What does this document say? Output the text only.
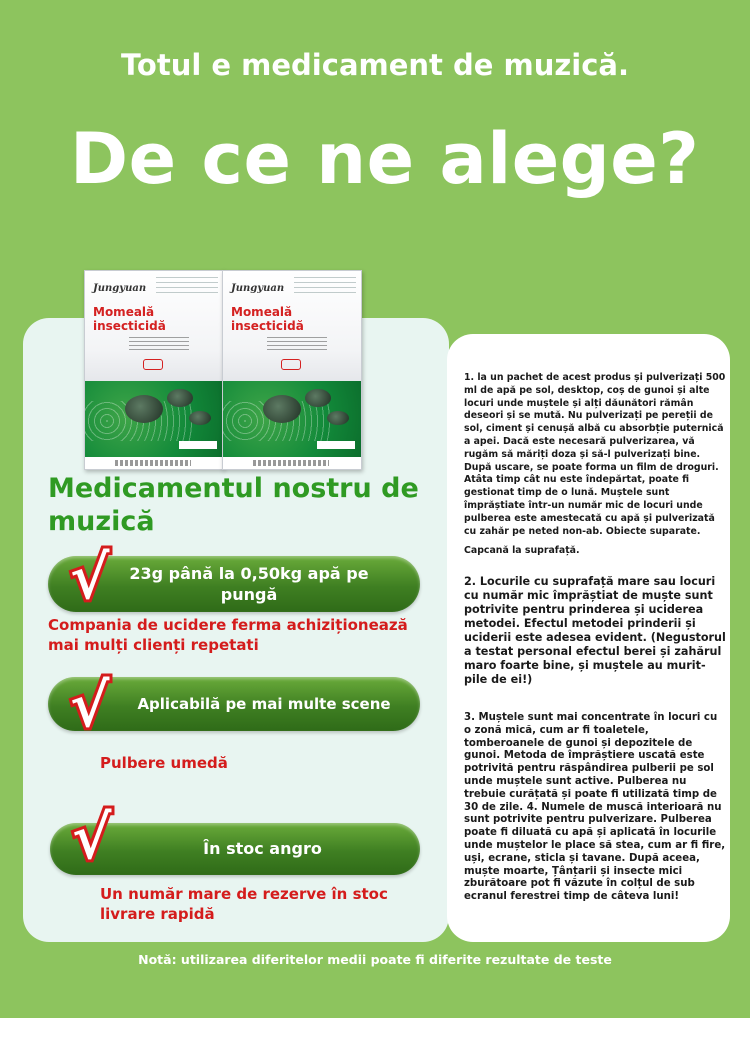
Totul e medicament de muzică.
De ce ne alege?
Jungyuan
Momeală insecticidă
Jungyuan
Momeală insecticidă
Medicamentul nostru de muzică
23g până la 0,50kg apă pe pungă
√
Compania de ucidere ferma achiziționează mai mulți clienți repetati
Aplicabilă pe mai multe scene
√
Pulbere umedă
În stoc angro
√
Un număr mare de rezerve în stoc livrare rapidă
1. la un pachet de acest produs și pulverizați 500 ml de apă pe sol, desktop, coș de gunoi și alte locuri unde muștele și alți dăunători rămân deseori și se mută. Nu pulverizați pe pereții de sol, ciment și cenușă albă cu absorbție puternică a apei. Dacă este necesară pulverizarea, vă rugăm să măriți doza și să-l pulverizați bine. După uscare, se poate forma un film de droguri. Atâta timp cât nu este îndepărtat, poate fi gestionat timp de o lună. Muștele sunt împrăștiate într-un număr mic de locuri unde pulberea este amestecată cu apă și pulverizată cu zahăr pe neted non-ab. Obiecte suparate.
Capcană la suprafață.
2. Locurile cu suprafață mare sau locuri cu număr mic împrăștiat de muște sunt potrivite pentru prinderea și uciderea metodei. Efectul metodei prinderii și uciderii este adesea evident. (Negustorul a testat personal efectul berei și zahărul maro foarte bine, și muștele au murit-pile de ei!)
3. Muștele sunt mai concentrate în locuri cu o zonă mică, cum ar fi toaletele, tomberoanele de gunoi și depozitele de gunoi. Metoda de împrăștiere uscată este potrivită pentru răspândirea pulberii pe sol unde muștele sunt active. Pulberea nu trebuie curățată și poate fi utilizată timp de 30 de zile. 4. Numele de muscă interioară nu sunt potrivite pentru pulverizare. Pulberea poate fi diluată cu apă și aplicată în locurile unde muștelor le place să stea, cum ar fi fire, uși, ecrane, sticla și tavane. După aceea, muște moarte, Țânțarii și insecte mici zburătoare pot fi văzute în colțul de sub ecranul ferestrei timp de câteva luni!
Notă: utilizarea diferitelor medii poate fi diferite rezultate de teste
